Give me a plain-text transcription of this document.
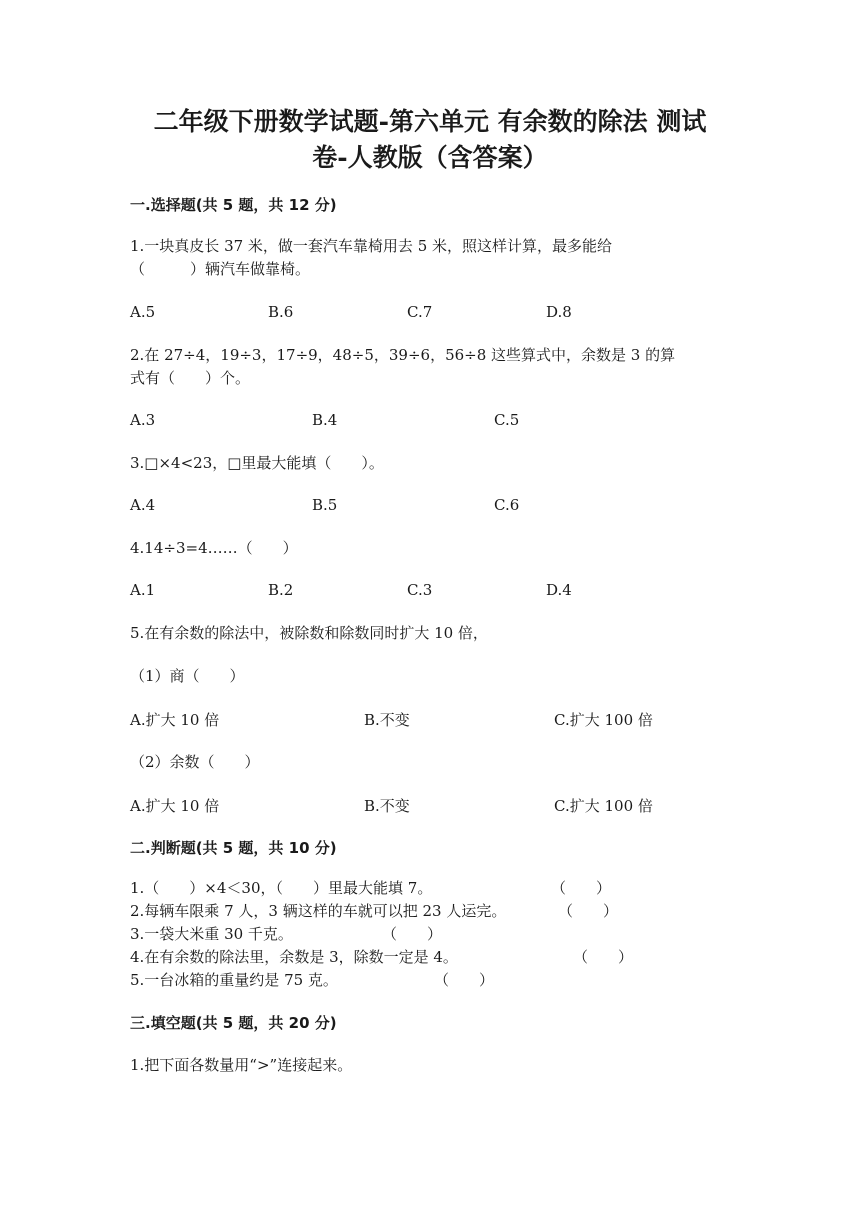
二年级下册数学试题-第六单元 有余数的除法 测试
卷-人教版（含答案）
一.选择题(共 5 题，共 12 分)
1.一块真皮长 37 米，做一套汽车靠椅用去 5 米，照这样计算，最多能给
（　　　）辆汽车做靠椅。
A.5	B.6	C.7	D.8
2.在 27÷4，19÷3，17÷9，48÷5，39÷6，56÷8 这些算式中，余数是 3 的算
式有（　　）个。
A.3	B.4	C.5
3.□×4<23，□里最大能填（　　）。
A.4	B.5	C.6
4.14÷3=4……（　　）
A.1	B.2	C.3	D.4
5.在有余数的除法中，被除数和除数同时扩大 10 倍，
（1）商（　　）
A.扩大 10 倍	B.不变	C.扩大 100 倍
（2）余数（　　）
A.扩大 10 倍	B.不变	C.扩大 100 倍
二.判断题(共 5 题，共 10 分)
1.（　　）×4＜30，（　　）里最大能填 7。	（　　）
2.每辆车限乘 7 人，3 辆这样的车就可以把 23 人运完。	（　　）
3.一袋大米重 30 千克。	（　　）
4.在有余数的除法里，余数是 3，除数一定是 4。	（　　）
5.一台冰箱的重量约是 75 克。	（　　）
三.填空题(共 5 题，共 20 分)
1.把下面各数量用“>”连接起来。
